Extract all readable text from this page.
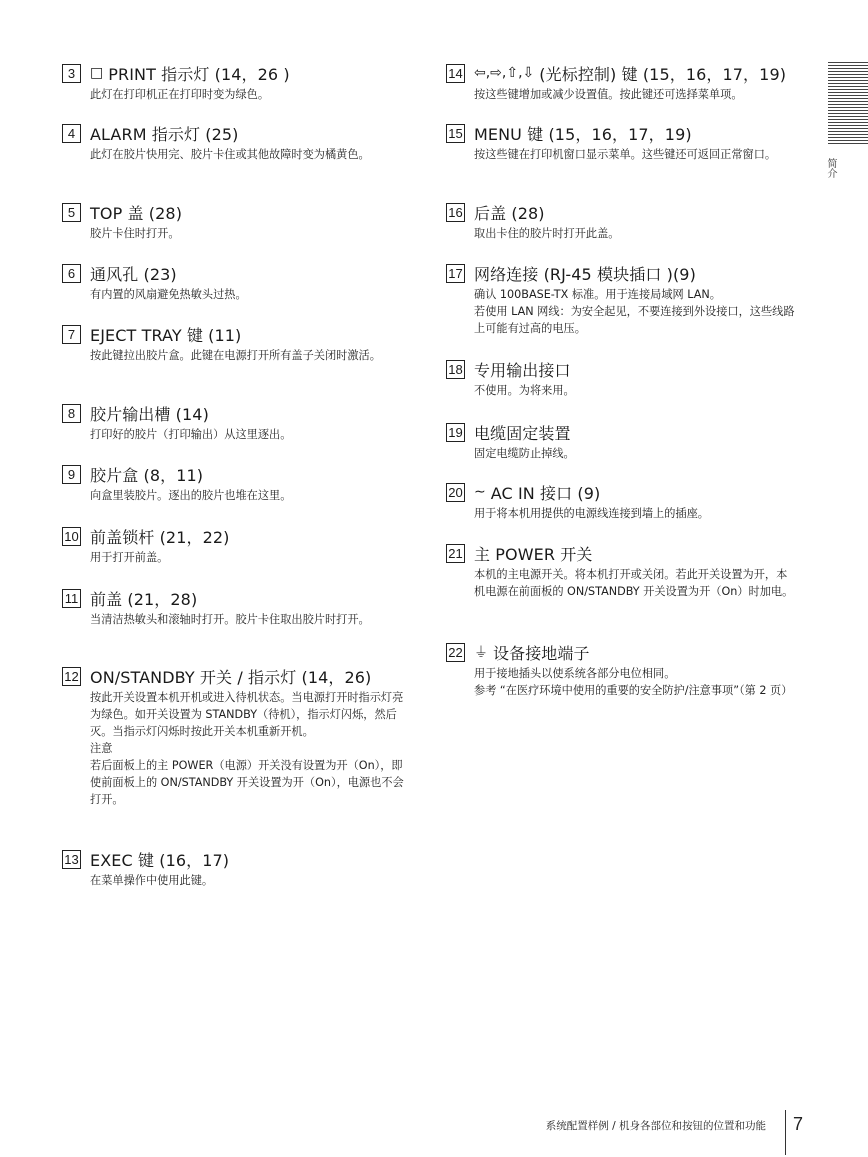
简介
3	□ PRINT 指示灯 (14，26 )
此灯在打印机正在打印时变为绿色。
4 ALARM 指示灯 (25)
此灯在胶片快用完、胶片卡住或其他故障时变为橘黄色。
5 TOP 盖 (28)
胶片卡住时打开。
6 通风孔 (23)
有内置的风扇避免热敏头过热。
7 EJECT TRAY 键 (11)
按此键拉出胶片盒。此键在电源打开所有盖子关闭时激活。
8 胶片输出槽 (14)
打印好的胶片（打印输出）从这里逐出。
9 胶片盒 (8，11)
向盒里装胶片。逐出的胶片也堆在这里。
10 前盖锁杆 (21，22)
用于打开前盖。
11 前盖 (21，28)
当清洁热敏头和滚轴时打开。胶片卡住取出胶片时打开。
12 ON/STANDBY 开关 / 指示灯 (14，26)
按此开关设置本机开机或进入待机状态。当电源打开时指示灯亮为绿色。如开关设置为 STANDBY（待机），指示灯闪烁，然后灭。当指示灯闪烁时按此开关本机重新开机。
注意
若后面板上的主 POWER（电源）开关没有设置为开（On），即使前面板上的 ON/STANDBY 开关设置为开（On），电源也不会打开。
13 EXEC 键 (16，17)
在菜单操作中使用此键。
14 ⇦,⇨,⇧,⇩ (光标控制) 键 (15，16，17，19)
按这些键增加或减少设置值。按此键还可选择菜单项。
15 MENU 键 (15，16，17，19)
按这些键在打印机窗口显示菜单。这些键还可返回正常窗口。
16 后盖 (28)
取出卡住的胶片时打开此盖。
17 网络连接 (RJ-45 模块插口 )(9)
确认 100BASE-TX 标准。用于连接局域网 LAN。
若使用 LAN 网线：为安全起见，不要连接到外设接口，这些线路上可能有过高的电压。
18 专用输出接口
不使用。为将来用。
19 电缆固定装置
固定电缆防止掉线。
20 ∼ AC IN 接口 (9)
用于将本机用提供的电源线连接到墙上的插座。
21 主 POWER 开关
本机的主电源开关。将本机打开或关闭。若此开关设置为开，本机电源在前面板的 ON/STANDBY 开关设置为开（On）时加电。
22 ⏚ 设备接地端子
用于接地插头以使系统各部分电位相同。
参考 “在医疗环境中使用的重要的安全防护/注意事项”（第 2 页）
系统配置样例 / 机身各部位和按钮的位置和功能 7
